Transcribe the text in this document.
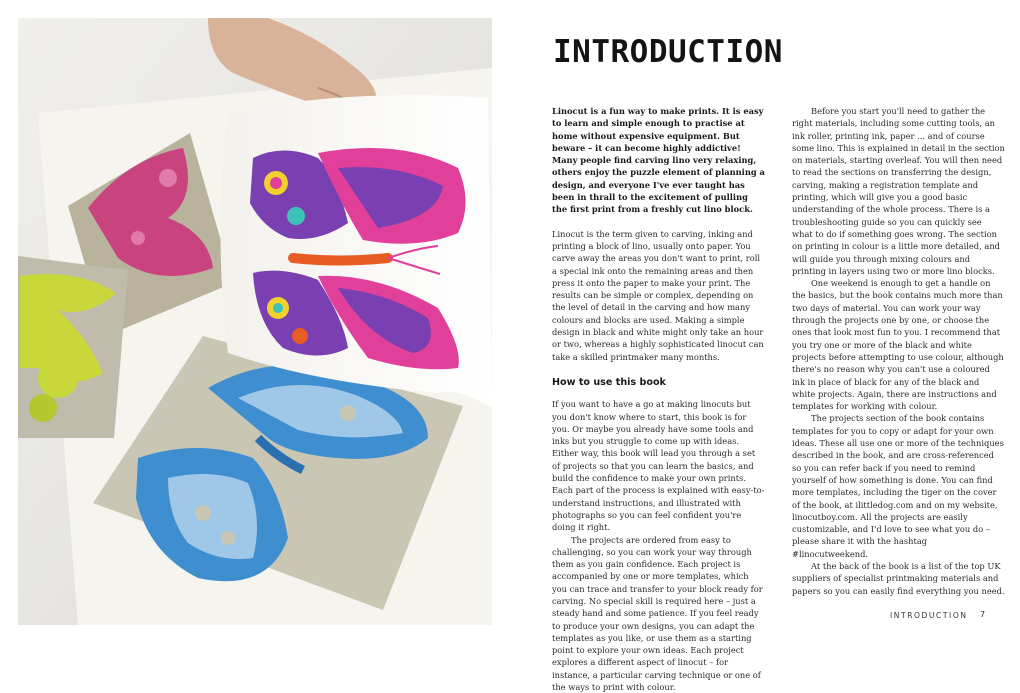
INTRODUCTION

Linocut is a fun way to make prints. It is easy to learn and simple enough to practise at home without expensive equipment. But beware – it can become highly addictive! Many people find carving lino very relaxing, others enjoy the puzzle element of planning a design, and everyone I've ever taught has been in thrall to the excitement of pulling the first print from a freshly cut lino block.

Linocut is the term given to carving, inking and printing a block of lino, usually onto paper. You carve away the areas you don't want to print, roll a special ink onto the remaining areas and then press it onto the paper to make your print. The results can be simple or complex, depending on the level of detail in the carving and how many colours and blocks are used. Making a simple design in black and white might only take an hour or two, whereas a highly sophisticated linocut can take a skilled printmaker many months.

How to use this book

If you want to have a go at making linocuts but you don't know where to start, this book is for you. Or maybe you already have some tools and inks but you struggle to come up with ideas. Either way, this book will lead you through a set of projects so that you can learn the basics, and build the confidence to make your own prints. Each part of the process is explained with easy-to-understand instructions, and illustrated with photographs so you can feel confident you're doing it right.

The projects are ordered from easy to challenging, so you can work your way through them as you gain confidence. Each project is accompanied by one or more templates, which you can trace and transfer to your block ready for carving. No special skill is required here – just a steady hand and some patience. If you feel ready to produce your own designs, you can adapt the templates as you like, or use them as a starting point to explore your own ideas. Each project explores a different aspect of linocut – for instance, a particular carving technique or one of the ways to print with colour.

Before you start you'll need to gather the right materials, including some cutting tools, an ink roller, printing ink, paper ... and of course some lino. This is explained in detail in the section on materials, starting overleaf. You will then need to read the sections on transferring the design, carving, making a registration template and printing, which will give you a good basic understanding of the whole process. There is a troubleshooting guide so you can quickly see what to do if something goes wrong. The section on printing in colour is a little more detailed, and will guide you through mixing colours and printing in layers using two or more lino blocks.

One weekend is enough to get a handle on the basics, but the book contains much more than two days of material. You can work your way through the projects one by one, or choose the ones that look most fun to you. I recommend that you try one or more of the black and white projects before attempting to use colour, although there's no reason why you can't use a coloured ink in place of black for any of the black and white projects. Again, there are instructions and templates for working with colour.

The projects section of the book contains templates for you to copy or adapt for your own ideas. These all use one or more of the techniques described in the book, and are cross-referenced so you can refer back if you need to remind yourself of how something is done. You can find more templates, including the tiger on the cover of the book, at ilittledog.com and on my website, linocutboy.com. All the projects are easily customizable, and I'd love to see what you do – please share it with the hashtag #linocutweekend.

At the back of the book is a list of the top UK suppliers of specialist printmaking materials and papers so you can easily find everything you need.

INTRODUCTION 7
